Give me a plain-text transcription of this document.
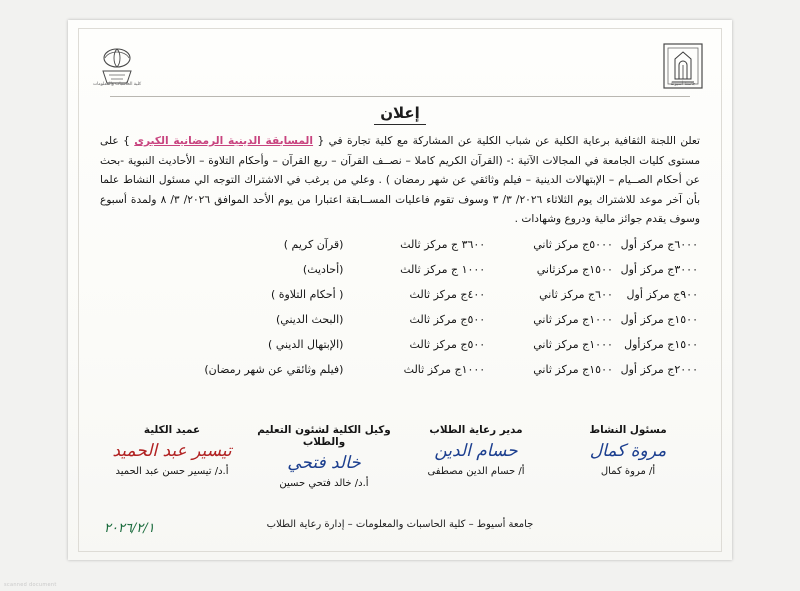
جامعة أسيوط
كلية الحاسبات والمعلومات
إعلان
تعلن اللجنة الثقافية برعاية الكلية عن شباب الكلية عن المشاركة مع كلية تجارة في { المسابقة الدينية الرمضانية الكبرى } على مستوى كليات الجامعة في المجالات الآتية :- (القرآن الكريم كاملا – نصــف القرآن – ربع القرآن – وأحكام التلاوة – الأحاديث النبوية -بحث عن أحكام الصــيام – الإبتهالات الدينية – فيلم وثائقي عن شهر رمضان ) . وعلي من يرغب في الاشتراك التوجه الي مسئول النشاط علما بأن آخر موعد للاشتراك يوم الثلاثاء ٢٠٢٦/ ٣/ ٣ وسوف تقوم فاعليات المســابقة اعتبارا من يوم الأحد الموافق ٢٠٢٦/ ٣/ ٨ ولمدة أسبوع وسوف يقدم جوائز مالية ودروع وشهادات .
٦٠٠٠ج مركز أول
٥٠٠٠ج مركز ثاني
٣٦٠٠ ج مركز ثالث
(قرآن كريم )
٣٠٠٠ج مركز أول
١٥٠٠ج مركزثاني
١٠٠٠ ج مركز ثالث
(أحاديث)
٩٠٠ج مركز أول
٦٠٠ج مركز ثاني
٤٠٠ج مركز ثالث
( أحكام التلاوة )
١٥٠٠ج مركز أول
١٠٠٠ج مركز ثاني
٥٠٠ج مركز ثالث
(البحث الديني)
١٥٠٠ج مركزأول
١٠٠٠ج مركز ثاني
٥٠٠ج مركز ثالث
(الإبتهال الديني )
٢٠٠٠ج مركز أول
١٥٠٠ج مركز ثاني
١٠٠٠ج مركز ثالث
(فيلم وثائقي عن شهر رمضان)
مسئول النشاط
مروة كمال
أ/ مروة كمال
مدير رعاية الطلاب
حسام الدين
أ/ حسام الدين مصطفى
وكيل الكلية لشئون التعليم والطلاب
خالد فتحي
أ.د/ خالد فتحي حسين
عميد الكلية
تيسير عبد الحميد
أ.د/ تيسير حسن عبد الحميد
جامعة أسيوط – كلية الحاسبات والمعلومات – إدارة رعاية الطلاب
٢٠٢٦/٢/١
scanned document
